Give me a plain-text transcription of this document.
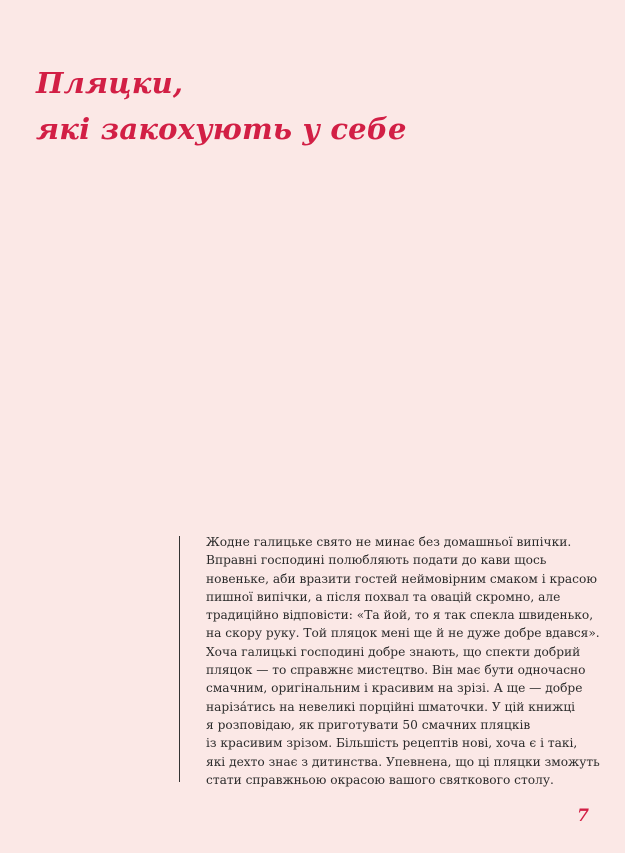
Пляцки,
які закохують у себе

Жодне галицьке свято не минає без домашньої випічки.
Вправні господині полюбляють подати до кави щось
новеньке, аби вразити гостей неймовірним смаком і красою
пишної випічки, а після похвал та овацій скромно, але
традиційно відповісти: «Та йой, то я так спекла швиденько,
на скору руку. Той пляцок мені ще й не дуже добре вдався».
Хоча галицькі господині добре знають, що спекти добрий
пляцок — то справжнє мистецтво. Він має бути одночасно
смачним, оригінальним і красивим на зрізі. А ще — добре
наріза́тись на невеликі порційні шматочки. У цій книжці
я розповідаю, як приготувати 50 смачних пляцків
із красивим зрізом. Більшість рецептів нові, хоча є і такі,
які дехто знає з дитинства. Упевнена, що ці пляцки зможуть
стати справжньою окрасою вашого святкового столу.

7
